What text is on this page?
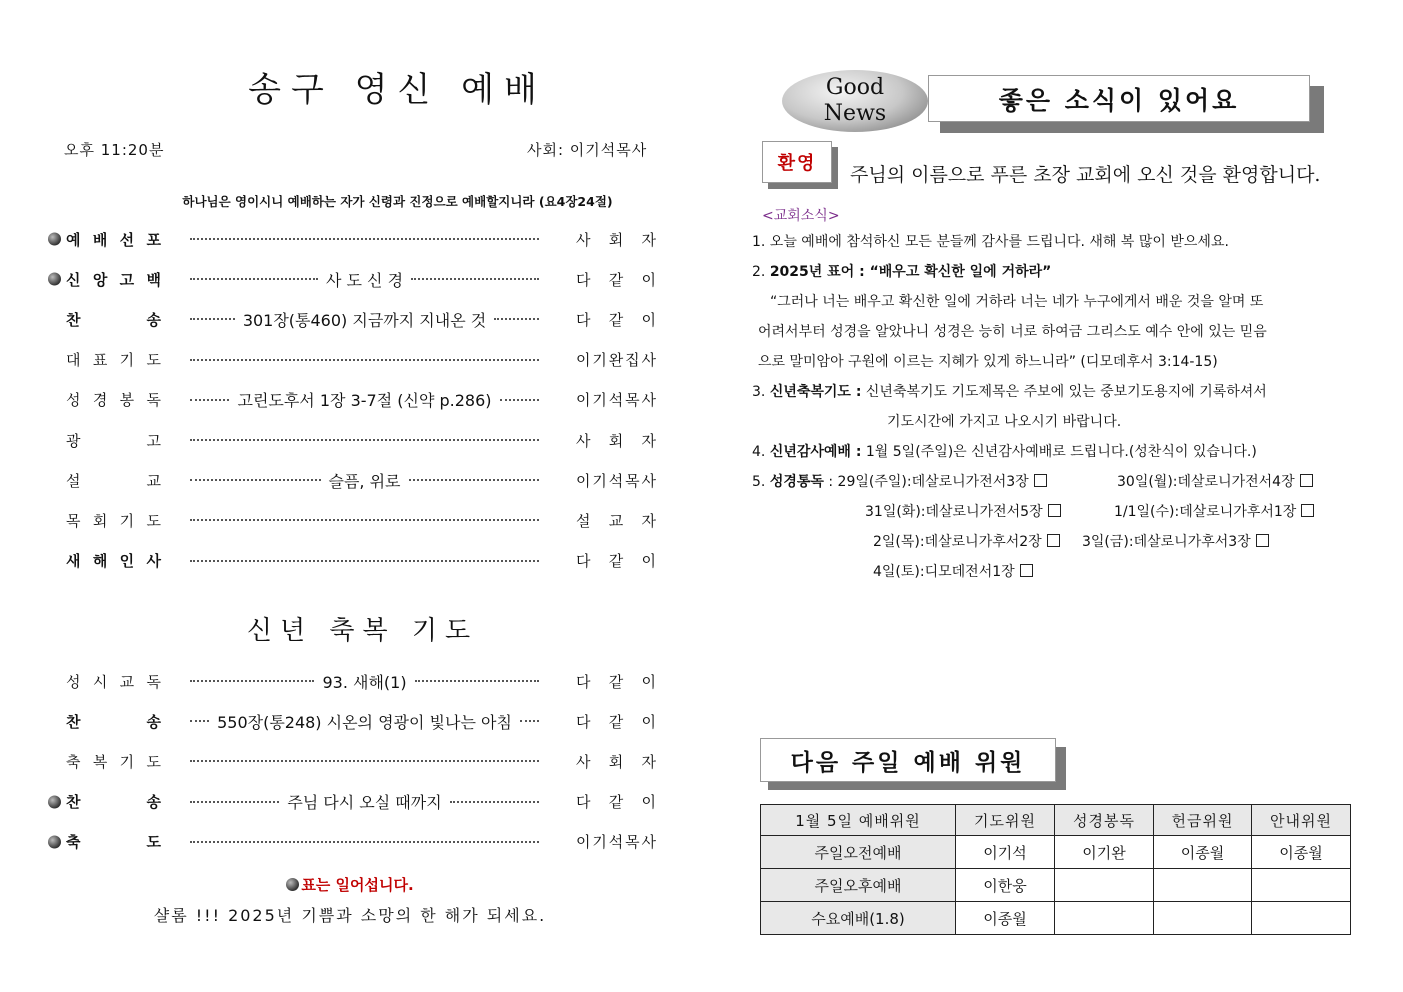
송구 영신 예배
오후 11:20분	사회: 이기석목사
하나님은 영이시니 예배하는 자가 신령과 진정으로 예배할지니라 (요4장24절)
예 배 선 포	사 회 자
신 앙 고 백	사 도 신 경	다 같 이
찬	송	301장(통460) 지금까지 지내온 것	다 같 이
대 표 기 도	이 기 완 집 사
성 경 봉 독	고린도후서 1장 3-7절 (신약 p.286)	이 기 석 목 사
광	고	사 회 자
설	교	슬픔, 위로	이 기 석 목 사
목 회 기 도	설 교 자
새 해 인 사	다 같 이
신년 축복 기도
성 시 교 독	93. 새해(1)	다 같 이
찬	송	550장(통248) 시온의 영광이 빛나는 아침	다 같 이
축 복 기 도	사 회 자
찬	송	주님 다시 오실 때까지	다 같 이
축	도	이 기 석 목 사
표는 일어섭니다.
샬롬 !!! 2025년 기쁨과 소망의 한 해가 되세요.
Good
News	좋은 소식이 있어요
환영
주님의 이름으로 푸른 초장 교회에 오신 것을 환영합니다.
<교회소식>
1. 오늘 예배에 참석하신 모든 분들께 감사를 드립니다. 새해 복 많이 받으세요.
2. 2025년 표어 : “배우고 확신한 일에 거하라”
“그러나 너는 배우고 확신한 일에 거하라 너는 네가 누구에게서 배운 것을 알며 또
어려서부터 성경을 알았나니 성경은 능히 너로 하여금 그리스도 예수 안에 있는 믿음
으로 말미암아 구원에 이르는 지혜가 있게 하느니라” (디모데후서 3:14-15)
3. 신년축복기도 : 신년축복기도 기도제목은 주보에 있는 중보기도용지에 기록하셔서
기도시간에 가지고 나오시기 바랍니다.
4. 신년감사예배 : 1월 5일(주일)은 신년감사예배로 드립니다.(성찬식이 있습니다.)
5. 성경통독 : 29일(주일):데살로니가전서3장	30일(월):데살로니가전서4장
31일(화):데살로니가전서5장	1/1일(수):데살로니가후서1장
2일(목):데살로니가후서2장	3일(금):데살로니가후서3장
4일(토):디모데전서1장
다음 주일 예배 위원
1월 5일 예배위원	기도위원	성경봉독	헌금위원	안내위원
주일오전예배	이기석	이기완	이종월	이종월
주일오후예배	이한웅			
수요예배(1.8)	이종월			
